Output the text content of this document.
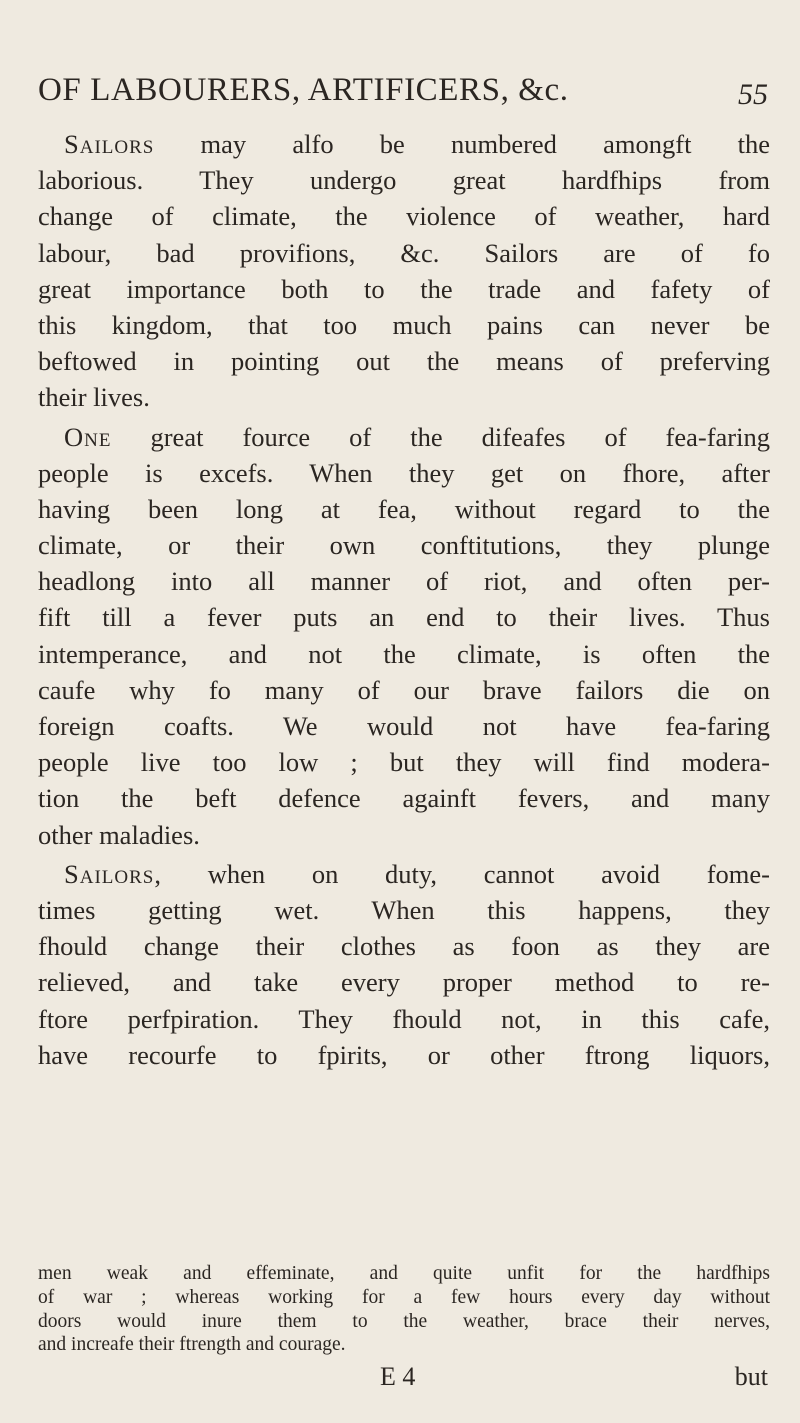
OF LABOURERS, ARTIFICERS, &c.	55

Sailors may alfo be numbered amongft the
laborious. They undergo great hardfhips from
change of climate, the violence of weather, hard
labour, bad provifions, &c. Sailors are of fo
great importance both to the trade and fafety of
this kingdom, that too much pains can never be
beftowed in pointing out the means of preferving
their lives.

One great fource of the difeafes of fea-faring
people is excefs. When they get on fhore, after
having been long at fea, without regard to the
climate, or their own conftitutions, they plunge
headlong into all manner of riot, and often per-
fift till a fever puts an end to their lives. Thus
intemperance, and not the climate, is often the
caufe why fo many of our brave failors die on
foreign coafts. We would not have fea-faring
people live too low ; but they will find modera-
tion the beft defence againft fevers, and many
other maladies.

Sailors, when on duty, cannot avoid fome-
times getting wet. When this happens, they
fhould change their clothes as foon as they are
relieved, and take every proper method to re-
ftore perfpiration. They fhould not, in this cafe,
have recourfe to fpirits, or other ftrong liquors,

men weak and effeminate, and quite unfit for the hardfhips
of war ; whereas working for a few hours every day without
doors would inure them to the weather, brace their nerves,
and increafe their ftrength and courage.
E 4	but
